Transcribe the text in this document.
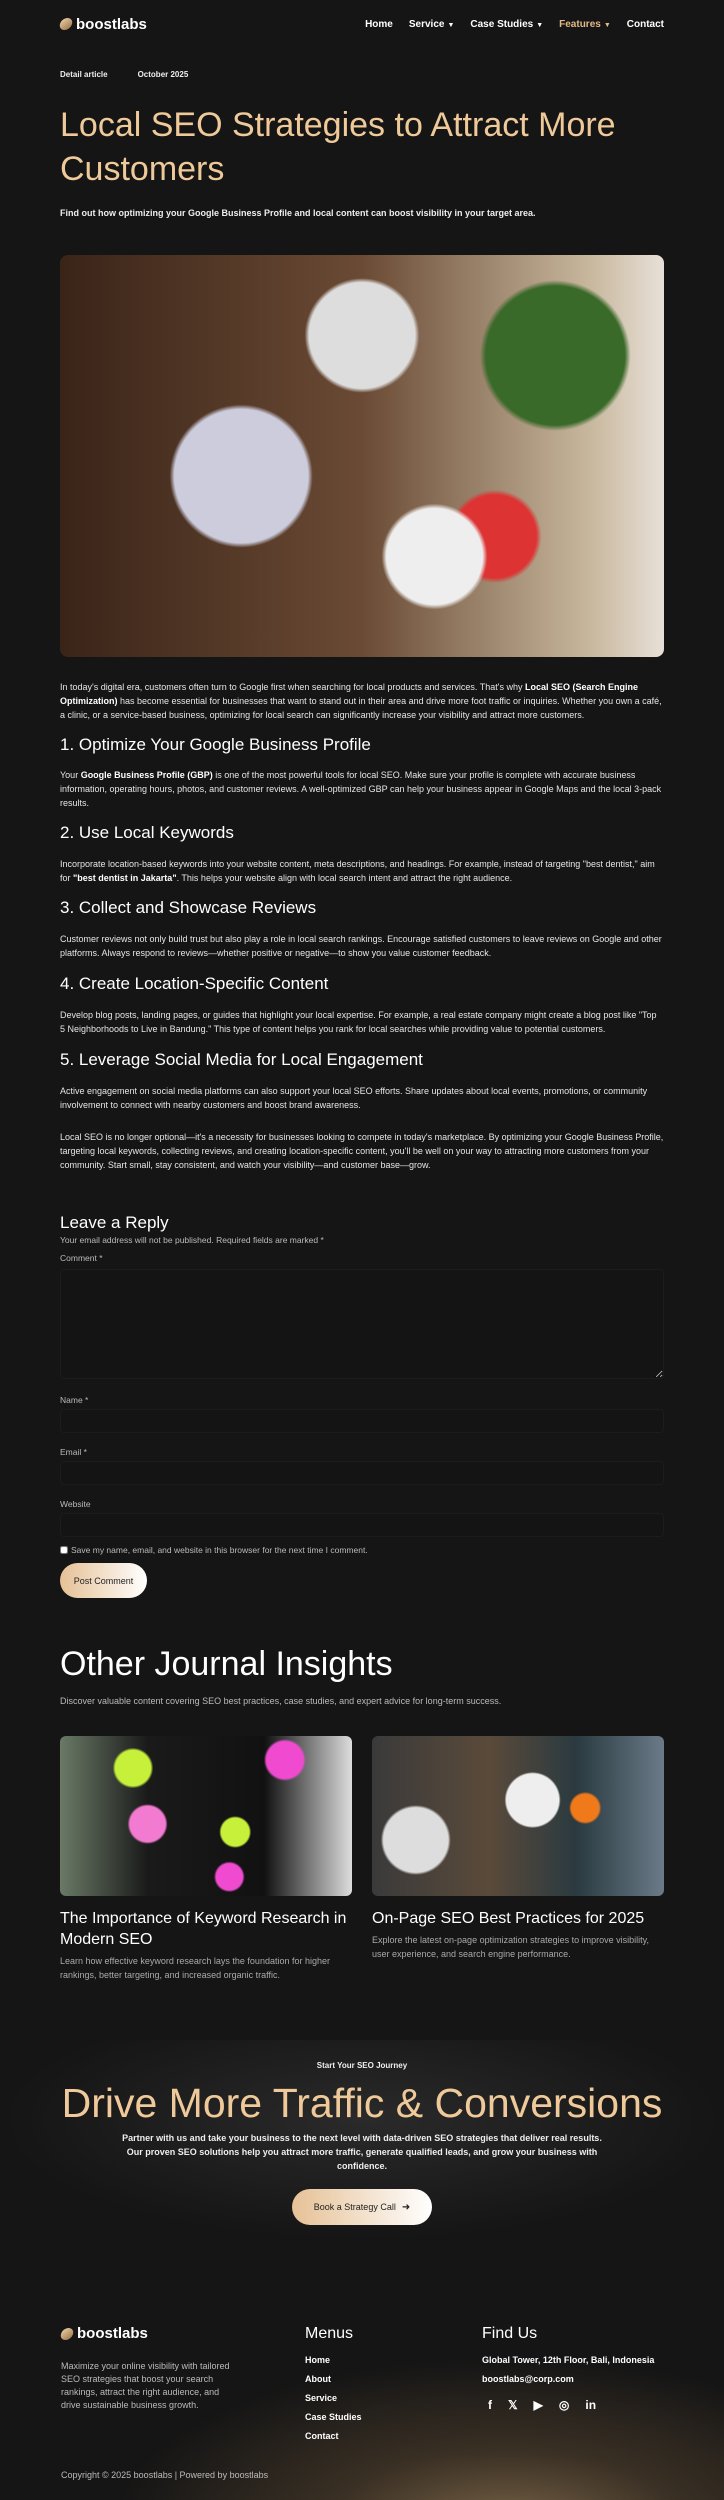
boostlabs	Home Service ▼ Case Studies ▼ Features ▼ Contact
Detail article	October 2025
Local SEO Strategies to Attract More Customers

Find out how optimizing your Google Business Profile and local content can boost visibility in your target area.

In today's digital era, customers often turn to Google first when searching for local products and services. That's why Local SEO (Search Engine Optimization) has become essential for businesses that want to stand out in their area and drive more foot traffic or inquiries. Whether you own a café, a clinic, or a service-based business, optimizing for local search can significantly increase your visibility and attract more customers.
1. Optimize Your Google Business Profile
Your Google Business Profile (GBP) is one of the most powerful tools for local SEO. Make sure your profile is complete with accurate business information, operating hours, photos, and customer reviews. A well-optimized GBP can help your business appear in Google Maps and the local 3-pack results.
2. Use Local Keywords
Incorporate location-based keywords into your website content, meta descriptions, and headings. For example, instead of targeting "best dentist," aim for "best dentist in Jakarta". This helps your website align with local search intent and attract the right audience.
3. Collect and Showcase Reviews
Customer reviews not only build trust but also play a role in local search rankings. Encourage satisfied customers to leave reviews on Google and other platforms. Always respond to reviews—whether positive or negative—to show you value customer feedback.
4. Create Location-Specific Content
Develop blog posts, landing pages, or guides that highlight your local expertise. For example, a real estate company might create a blog post like "Top 5 Neighborhoods to Live in Bandung." This type of content helps you rank for local searches while providing value to potential customers.
5. Leverage Social Media for Local Engagement
Active engagement on social media platforms can also support your local SEO efforts. Share updates about local events, promotions, or community involvement to connect with nearby customers and boost brand awareness.
Local SEO is no longer optional—it's a necessity for businesses looking to compete in today's marketplace. By optimizing your Google Business Profile, targeting local keywords, collecting reviews, and creating location-specific content, you'll be well on your way to attracting more customers from your community. Start small, stay consistent, and watch your visibility—and customer base—grow.
Leave a Reply

Your email address will not be published. Required fields are marked *

Comment *

Name *

Email *

Website

Save my name, email, and website in this browser for the next time I comment.
Post Comment
Other Journal Insights

Discover valuable content covering SEO best practices, case studies, and expert advice for long-term success.

The Importance of Keyword Research in Modern SEO

Learn how effective keyword research lays the foundation for higher rankings, better targeting, and increased organic traffic.

On-Page SEO Best Practices for 2025

Explore the latest on-page optimization strategies to improve visibility, user experience, and search engine performance.

Start Your SEO Journey

Drive More Traffic & Conversions

Partner with us and take your business to the next level with data-driven SEO strategies that deliver real results. Our proven SEO solutions help you attract more traffic, generate qualified leads, and grow your business with confidence.

Book a Strategy Call ➜
boostlabs

Maximize your online visibility with tailored SEO strategies that boost your search rankings, attract the right audience, and drive sustainable business growth.

Menus
Home
About
Service
Case Studies
Contact
Find Us

Global Tower, 12th Floor, Bali, Indonesia

boostlabs@corp.com
f 𝕏 ▶ ◎ in

Copyright © 2025 boostlabs | Powered by boostlabs
